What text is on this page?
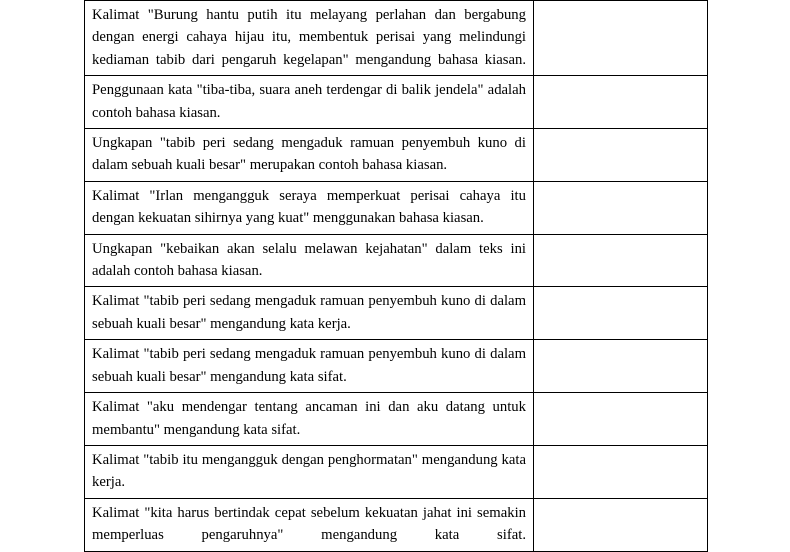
Kalimat "Burung hantu putih itu melayang perlahan dan bergabung dengan energi cahaya hijau itu, membentuk perisai yang melindungi kediaman tabib dari pengaruh kegelapan" mengandung bahasa kiasan.	

Penggunaan kata "tiba-tiba, suara aneh terdengar di balik jendela" adalah contoh bahasa kiasan.	

Ungkapan "tabib peri sedang mengaduk ramuan penyembuh kuno di dalam sebuah kuali besar" merupakan contoh bahasa kiasan.	

Kalimat "Irlan mengangguk seraya memperkuat perisai cahaya itu dengan kekuatan sihirnya yang kuat" menggunakan bahasa kiasan.	

Ungkapan "kebaikan akan selalu melawan kejahatan" dalam teks ini adalah contoh bahasa kiasan.	

Kalimat "tabib peri sedang mengaduk ramuan penyembuh kuno di dalam sebuah kuali besar" mengandung kata kerja.	

Kalimat "tabib peri sedang mengaduk ramuan penyembuh kuno di dalam sebuah kuali besar" mengandung kata sifat.	

Kalimat "aku mendengar tentang ancaman ini dan aku datang untuk membantu" mengandung kata sifat.	

Kalimat "tabib itu mengangguk dengan penghormatan" mengandung kata kerja.	

Kalimat "kita harus bertindak cepat sebelum kekuatan jahat ini semakin memperluas pengaruhnya" mengandung kata sifat.	
